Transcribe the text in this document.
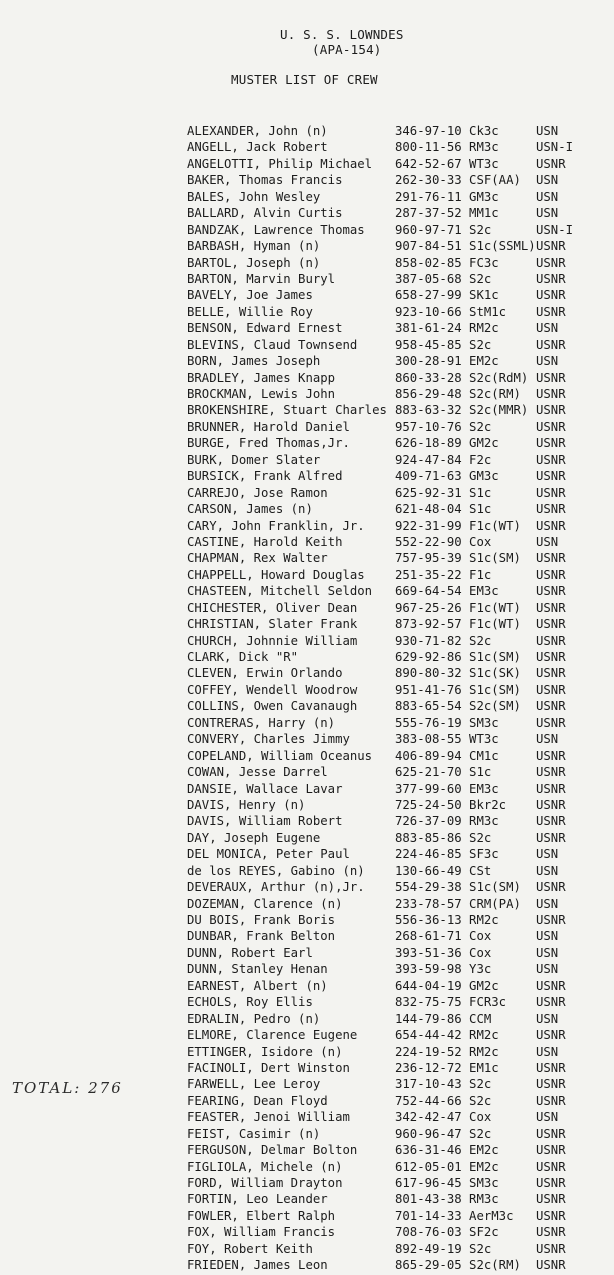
U. S. S. LOWNDES
(APA-154)
MUSTER LIST OF CREW
ALEXANDER, John (n)	346-97-10 Ck3c	USN
ANGELL, Jack Robert	800-11-56 RM3c	USN-I
ANGELOTTI, Philip Michael 642-52-67 WT3c	USNR
BAKER, Thomas Francis	262-30-33 CSF(AA) USN
BALES, John Wesley	291-76-11 GM3c	USN
BALLARD, Alvin Curtis	287-37-52 MM1c	USN
BANDZAK, Lawrence Thomas 960-97-71 S2c	USN-I
BARBASH, Hyman (n)	907-84-51 S1c(SSML) USNR
BARTOL, Joseph (n)	858-02-85 FC3c	USNR
BARTON, Marvin Buryl	387-05-68 S2c	USNR
BAVELY, Joe James	658-27-99 SK1c	USNR
BELLE, Willie Roy	923-10-66 StM1c USNR
BENSON, Edward Ernest	381-61-24 RM2c	USN
BLEVINS, Claud Townsend	958-45-85 S2c	USNR
BORN, James Joseph	300-28-91 EM2c	USN
BRADLEY, James Knapp	860-33-28 S2c(RdM) USNR
BROCKMAN, Lewis John	856-29-48 S2c(RM) USNR
BROKENSHIRE, Stuart Charles 883-63-32 S2c(MMR) USNR
BRUNNER, Harold Daniel	957-10-76 S2c	USNR
BURGE, Fred Thomas,Jr.	626-18-89 GM2c	USNR
BURK, Domer Slater	924-47-84 F2c	USNR
BURSICK, Frank Alfred	409-71-63 GM3c	USNR
CARREJO, Jose Ramon	625-92-31 S1c	USNR
CARSON, James (n)	621-48-04 S1c	USNR
CARY, John Franklin, Jr. 922-31-99 F1c(WT) USNR
CASTINE, Harold Keith	552-22-90 Cox	USN
CHAPMAN, Rex Walter	757-95-39 S1c(SM) USNR
CHAPPELL, Howard Douglas 251-35-22 F1c	USNR
CHASTEEN, Mitchell Seldon 669-64-54 EM3c	USNR
CHICHESTER, Oliver Dean	967-25-26 F1c(WT) USNR
CHRISTIAN, Slater Frank	873-92-57 F1c(WT) USNR
CHURCH, Johnnie William	930-71-82 S2c	USNR
CLARK, Dick "R"	629-92-86 S1c(SM) USNR
CLEVEN, Erwin Orlando	890-80-32 S1c(SK) USNR
COFFEY, Wendell Woodrow	951-41-76 S1c(SM) USNR
COLLINS, Owen Cavanaugh	883-65-54 S2c(SM) USNR
CONTRERAS, Harry (n)	555-76-19 SM3c	USNR
CONVERY, Charles Jimmy	383-08-55 WT3c	USN
COPELAND, William Oceanus 406-89-94 CM1c	USNR
COWAN, Jesse Darrel	625-21-70 S1c	USNR
DANSIE, Wallace Lavar	377-99-60 EM3c	USNR
DAVIS, Henry (n)	725-24-50 Bkr2c USNR
DAVIS, William Robert	726-37-09 RM3c	USNR
DAY, Joseph Eugene	883-85-86 S2c	USNR
DEL MONICA, Peter Paul	224-46-85 SF3c	USN
de los REYES, Gabino (n) 130-66-49 CSt	USN
DEVERAUX, Arthur (n),Jr. 554-29-38 S1c(SM) USNR
DOZEMAN, Clarence (n)	233-78-57 CRM(PA) USN
DU BOIS, Frank Boris	556-36-13 RM2c	USNR
DUNBAR, Frank Belton	268-61-71 Cox	USN
DUNN, Robert Earl	393-51-36 Cox	USN
DUNN, Stanley Henan	393-59-98 Y3c	USN
EARNEST, Albert (n)	644-04-19 GM2c	USNR
ECHOLS, Roy Ellis	832-75-75 FCR3c USNR
EDRALIN, Pedro (n)	144-79-86 CCM	USN
ELMORE, Clarence Eugene	654-44-42 RM2c	USNR
ETTINGER, Isidore (n)	224-19-52 RM2c	USN
FACINOLI, Dert Winston	236-12-72 EM1c	USNR
FARWELL, Lee Leroy	317-10-43 S2c	USNR
FEARING, Dean Floyd	752-44-66 S2c	USNR
FEASTER, Jenoi William	342-42-47 Cox	USN
FEIST, Casimir (n)	960-96-47 S2c	USNR
FERGUSON, Delmar Bolton	636-31-46 EM2c	USNR
FIGLIOLA, Michele (n)	612-05-01 EM2c	USNR
FORD, William Drayton	617-96-45 SM3c	USNR
FORTIN, Leo Leander	801-43-38 RM3c	USNR
FOWLER, Elbert Ralph	701-14-33 AerM3c USNR
FOX, William Francis	708-76-03 SF2c	USNR
FOY, Robert Keith	892-49-19 S2c	USNR
FRIEDEN, James Leon	865-29-05 S2c(RM) USNR
TOTAL: 276
